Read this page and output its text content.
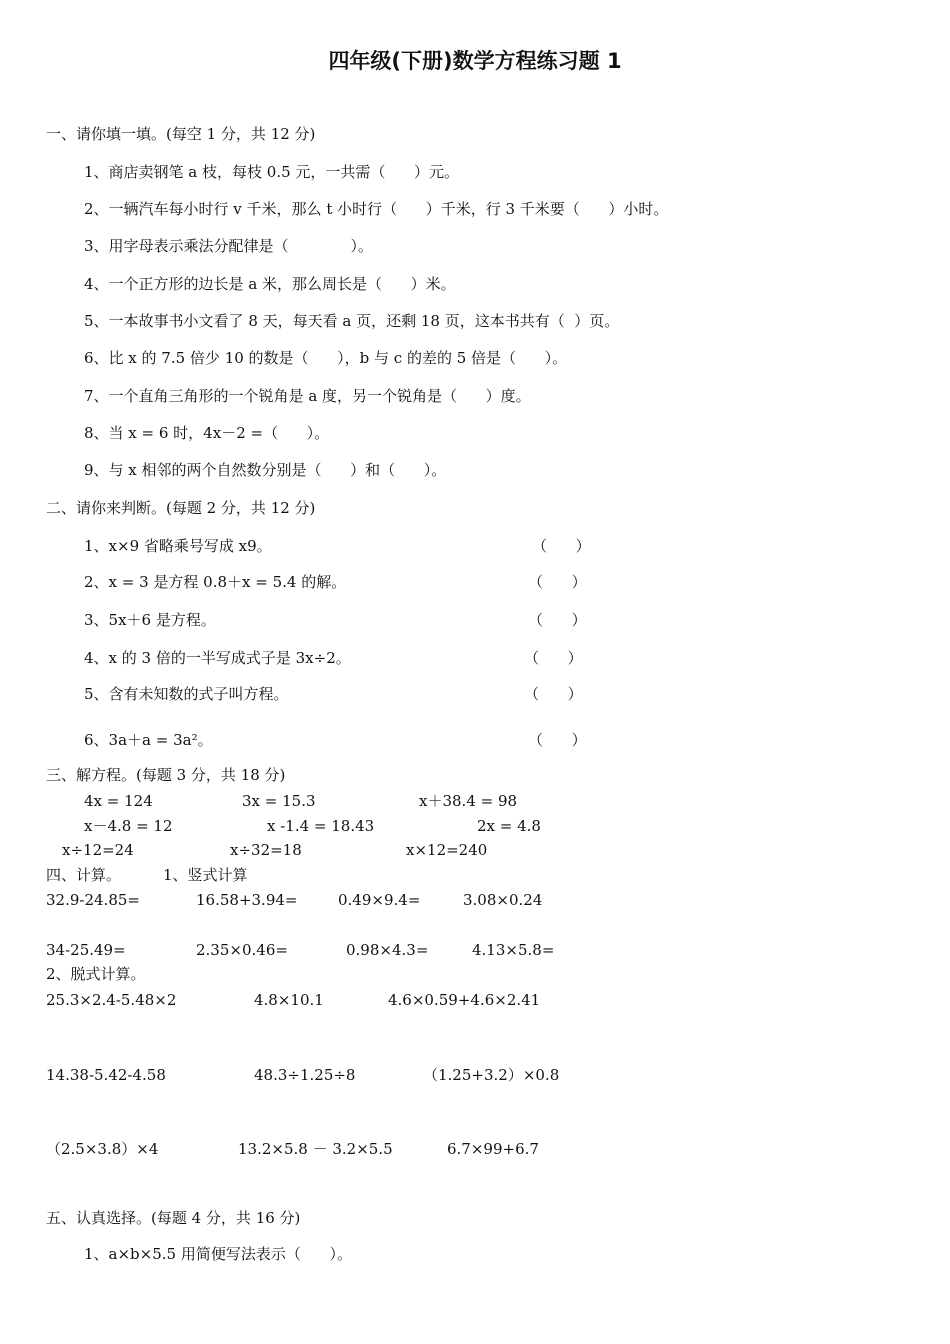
四年级(下册)数学方程练习题 1
一、请你填一填。(每空 1 分，共 12 分)
1、商店卖钢笔 a 枝，每枝 0.5 元，一共需（      ）元。
2、一辆汽车每小时行 v 千米，那么 t 小时行（      ）千米，行 3 千米要（      ）小时。
3、用字母表示乘法分配律是（             ）。
4、一个正方形的边长是 a 米，那么周长是（      ）米。
5、一本故事书小文看了 8 天，每天看 a 页，还剩 18 页，这本书共有（  ）页。
6、比 x 的 7.5 倍少 10 的数是（      ），b 与 c 的差的 5 倍是（      ）。
7、一个直角三角形的一个锐角是 a 度，另一个锐角是（      ）度。
8、当 x = 6 时，4x－2 =（      ）。
9、与 x 相邻的两个自然数分别是（      ）和（      ）。
二、请你来判断。(每题 2 分，共 12 分)
1、x×9 省略乘号写成 x9。	（      ）
2、x = 3 是方程 0.8＋x = 5.4 的解。	（      ）
3、5x＋6 是方程。	（      ）
4、x 的 3 倍的一半写成式子是 3x÷2。	（      ）
5、含有未知数的式子叫方程。	（      ）
6、3a＋a = 3a²。	（      ）
三、解方程。(每题 3 分，共 18 分)
4x = 124	3x = 15.3	x＋38.4 = 98
x－4.8 = 12	x -1.4 = 18.43	2x = 4.8
x÷12=24	x÷32=18	x×12=240
四、计算。	1、竖式计算
32.9-24.85=	16.58+3.94=	0.49×9.4=	3.08×0.24
34-25.49=	2.35×0.46=	0.98×4.3=	4.13×5.8=
2、脱式计算。
25.3×2.4-5.48×2	4.8×10.1	4.6×0.59+4.6×2.41
14.38-5.42-4.58	48.3÷1.25÷8	（1.25+3.2）×0.8
（2.5×3.8）×4	13.2×5.8 － 3.2×5.5	6.7×99+6.7
五、认真选择。(每题 4 分，共 16 分)
1、a×b×5.5 用简便写法表示（      ）。
